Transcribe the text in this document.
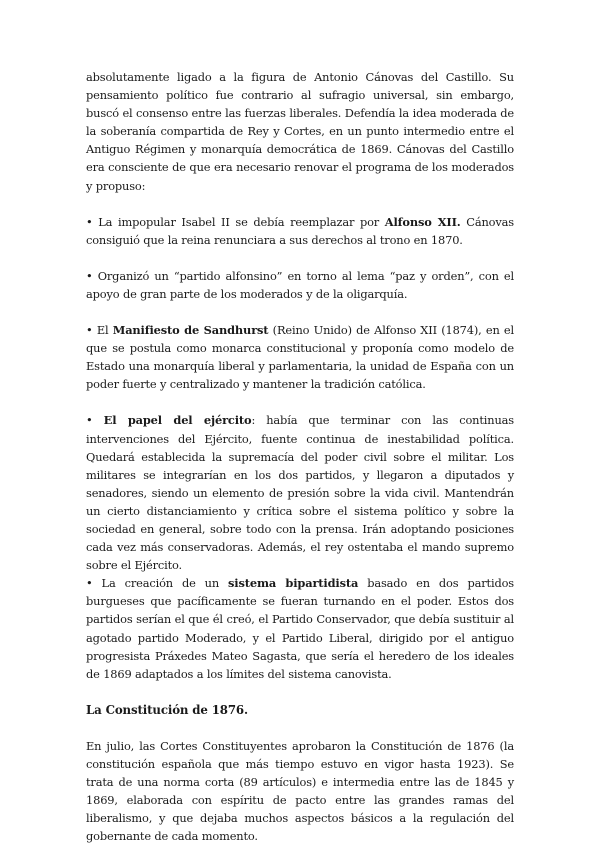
absolutamente ligado a la figura de Antonio Cánovas del Castillo. Su pensamiento político fue contrario al sufragio universal, sin embargo, buscó el consenso entre las fuerzas liberales. Defendía la idea moderada de la soberanía compartida de Rey y Cortes, en un punto intermedio entre el Antiguo Régimen y monarquía democrática de 1869. Cánovas del Castillo era consciente de que era necesario renovar el programa de los moderados y propuso:

• La impopular Isabel II se debía reemplazar por Alfonso XII. Cánovas consiguió que la reina renunciara a sus derechos al trono en 1870.

• Organizó un “partido alfonsino” en torno al lema “paz y orden”, con el apoyo de gran parte de los moderados y de la oligarquía.

• El Manifiesto de Sandhurst (Reino Unido) de Alfonso XII (1874), en el que se postula como monarca constitucional y proponía como modelo de Estado una monarquía liberal y parlamentaria, la unidad de España con un poder fuerte y centralizado y mantener la tradición católica.

• El papel del ejército: había que terminar con las continuas intervenciones del Ejército, fuente continua de inestabilidad política. Quedará establecida la supremacía del poder civil sobre el militar. Los militares se integrarían en los dos partidos, y llegaron a diputados y senadores, siendo un elemento de presión sobre la vida civil. Mantendrán un cierto distanciamiento y crítica sobre el sistema político y sobre la sociedad en general, sobre todo con la prensa. Irán adoptando posiciones cada vez más conservadoras. Además, el rey ostentaba el mando supremo sobre el Ejército.

• La creación de un sistema bipartidista basado en dos partidos burgueses que pacíficamente se fueran turnando en el poder. Estos dos partidos serían el que él creó, el Partido Conservador, que debía sustituir al agotado partido Moderado, y el Partido Liberal, dirigido por el antiguo progresista Práxedes Mateo Sagasta, que sería el heredero de los ideales de 1869 adaptados a los límites del sistema canovista.

La Constitución de 1876.

En julio, las Cortes Constituyentes aprobaron la Constitución de 1876 (la constitución española que más tiempo estuvo en vigor hasta 1923). Se trata de una norma corta (89 artículos) e intermedia entre las de 1845 y 1869, elaborada con espíritu de pacto entre las grandes ramas del liberalismo, y que dejaba muchos aspectos básicos a la regulación del gobernante de cada momento.
